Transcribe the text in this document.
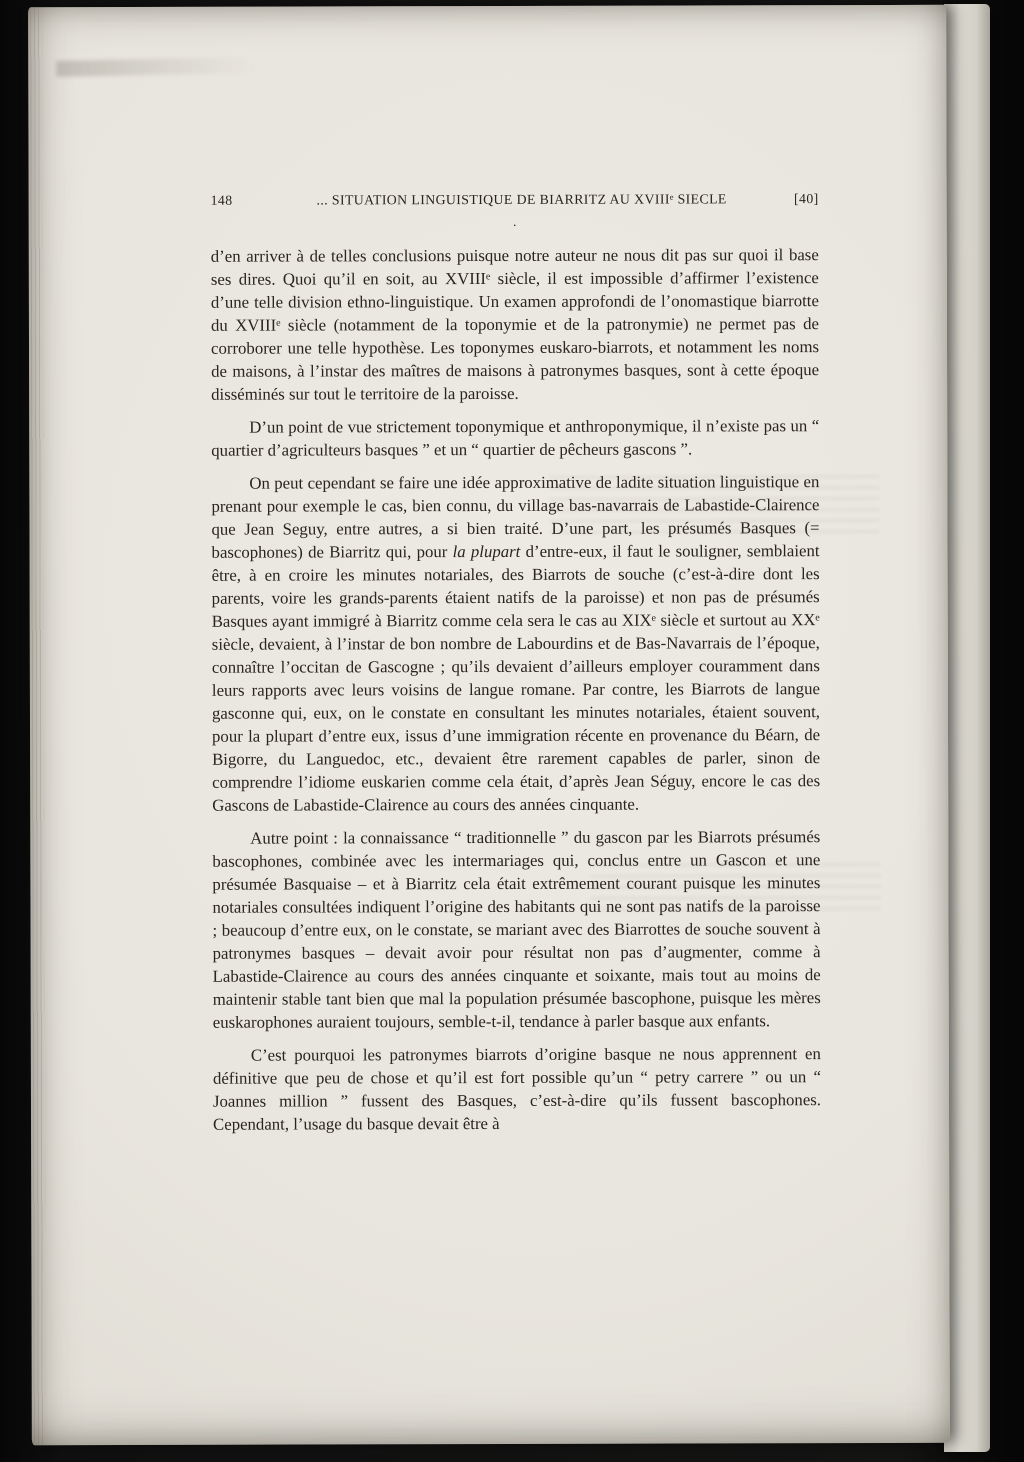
148	... SITUATION LINGUISTIQUE DE BIARRITZ AU XVIIIᵉ SIECLE	[40]
.

d’en arriver à de telles conclusions puisque notre auteur ne nous dit pas sur quoi il base ses dires. Quoi qu’il en soit, au XVIIIᵉ siècle, il est impossible d’affirmer l’existence d’une telle division ethno-linguistique. Un examen approfondi de l’onomastique biarrotte du XVIIIᵉ siècle (notamment de la toponymie et de la patronymie) ne permet pas de corroborer une telle hypothèse. Les toponymes euskaro-biarrots, et notamment les noms de maisons, à l’instar des maîtres de maisons à patronymes basques, sont à cette époque disséminés sur tout le territoire de la paroisse.

D’un point de vue strictement toponymique et anthroponymique, il n’existe pas un “ quartier d’agriculteurs basques ” et un “ quartier de pêcheurs gascons ”.

On peut cependant se faire une idée approximative de ladite situation linguistique en prenant pour exemple le cas, bien connu, du village bas-navarrais de Labastide-Clairence que Jean Seguy, entre autres, a si bien traité. D’une part, les présumés Basques (= bascophones) de Biarritz qui, pour la plupart d’entre-eux, il faut le souligner, semblaient être, à en croire les minutes notariales, des Biarrots de souche (c’est-à-dire dont les parents, voire les grands-parents étaient natifs de la paroisse) et non pas de présumés Basques ayant immigré à Biarritz comme cela sera le cas au XIXᵉ siècle et surtout au XXᵉ siècle, devaient, à l’instar de bon nombre de Labourdins et de Bas-Navarrais de l’époque, connaître l’occitan de Gascogne ; qu’ils devaient d’ailleurs employer couramment dans leurs rapports avec leurs voisins de langue romane. Par contre, les Biarrots de langue gasconne qui, eux, on le constate en consultant les minutes notariales, étaient souvent, pour la plupart d’entre eux, issus d’une immigration récente en provenance du Béarn, de Bigorre, du Languedoc, etc., devaient être rarement capables de parler, sinon de comprendre l’idiome euskarien comme cela était, d’après Jean Séguy, encore le cas des Gascons de Labastide-Clairence au cours des années cinquante.

Autre point : la connaissance “ traditionnelle ” du gascon par les Biarrots présumés bascophones, combinée avec les intermariages qui, conclus entre un Gascon et une présumée Basquaise – et à Biarritz cela était extrêmement courant puisque les minutes notariales consultées indiquent l’origine des habitants qui ne sont pas natifs de la paroisse ; beaucoup d’entre eux, on le constate, se mariant avec des Biarrottes de souche souvent à patronymes basques – devait avoir pour résultat non pas d’augmenter, comme à Labastide-Clairence au cours des années cinquante et soixante, mais tout au moins de maintenir stable tant bien que mal la population présumée bascophone, puisque les mères euskarophones auraient toujours, semble-t-il, tendance à parler basque aux enfants.

C’est pourquoi les patronymes biarrots d’origine basque ne nous apprennent en définitive que peu de chose et qu’il est fort possible qu’un “ petry carrere ” ou un “ Joannes million ” fussent des Basques, c’est-à-dire qu’ils fussent bascophones. Cependant, l’usage du basque devait être à
